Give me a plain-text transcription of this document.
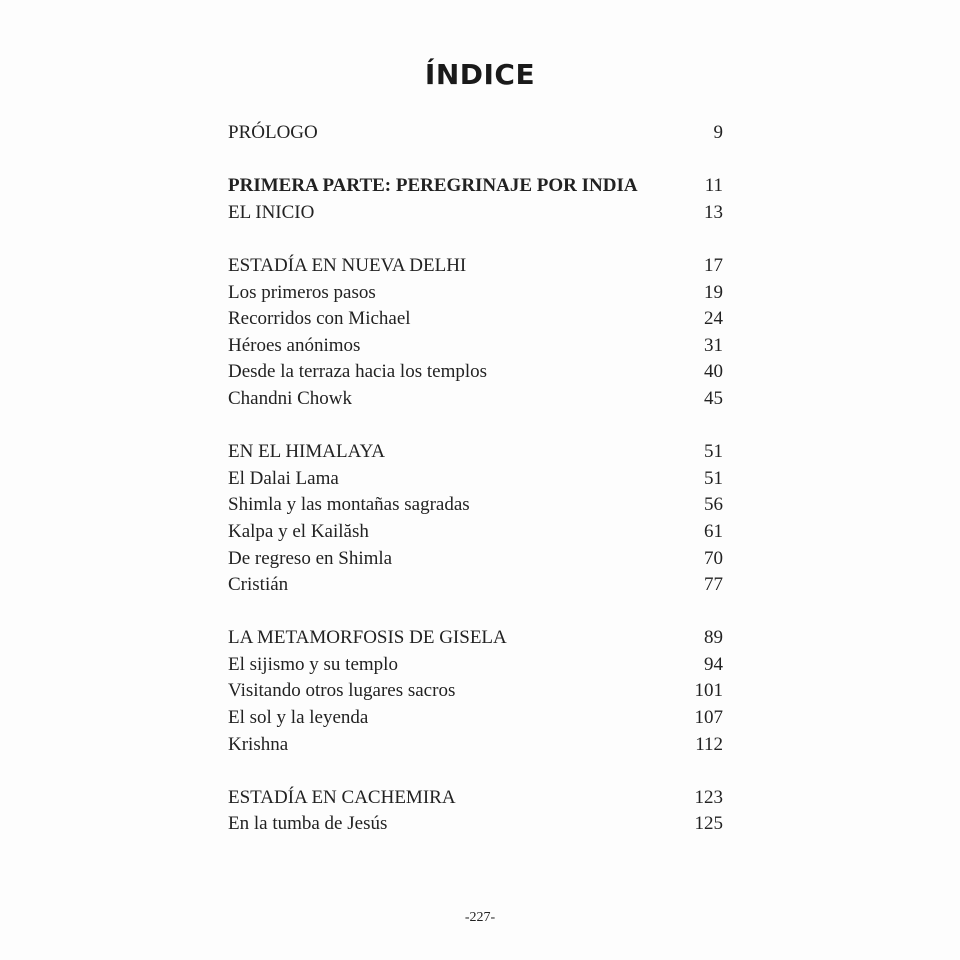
ÍNDICE
PRÓLOGO	9
PRIMERA PARTE: PEREGRINAJE POR INDIA	11
EL INICIO	13
ESTADÍA EN NUEVA DELHI	17
Los primeros pasos	19
Recorridos con Michael	24
Héroes anónimos	31
Desde la terraza hacia los templos	40
Chandni Chowk	45
EN EL HIMALAYA	51
El Dalai Lama	51
Shimla y las montañas sagradas	56
Kalpa y el Kailăsh	61
De regreso en Shimla	70
Cristián	77
LA METAMORFOSIS DE GISELA	89
El sijismo y su templo	94
Visitando otros lugares sacros	101
El sol y la leyenda	107
Krishna	112
ESTADÍA EN CACHEMIRA	123
En la tumba de Jesús	125
-227-
